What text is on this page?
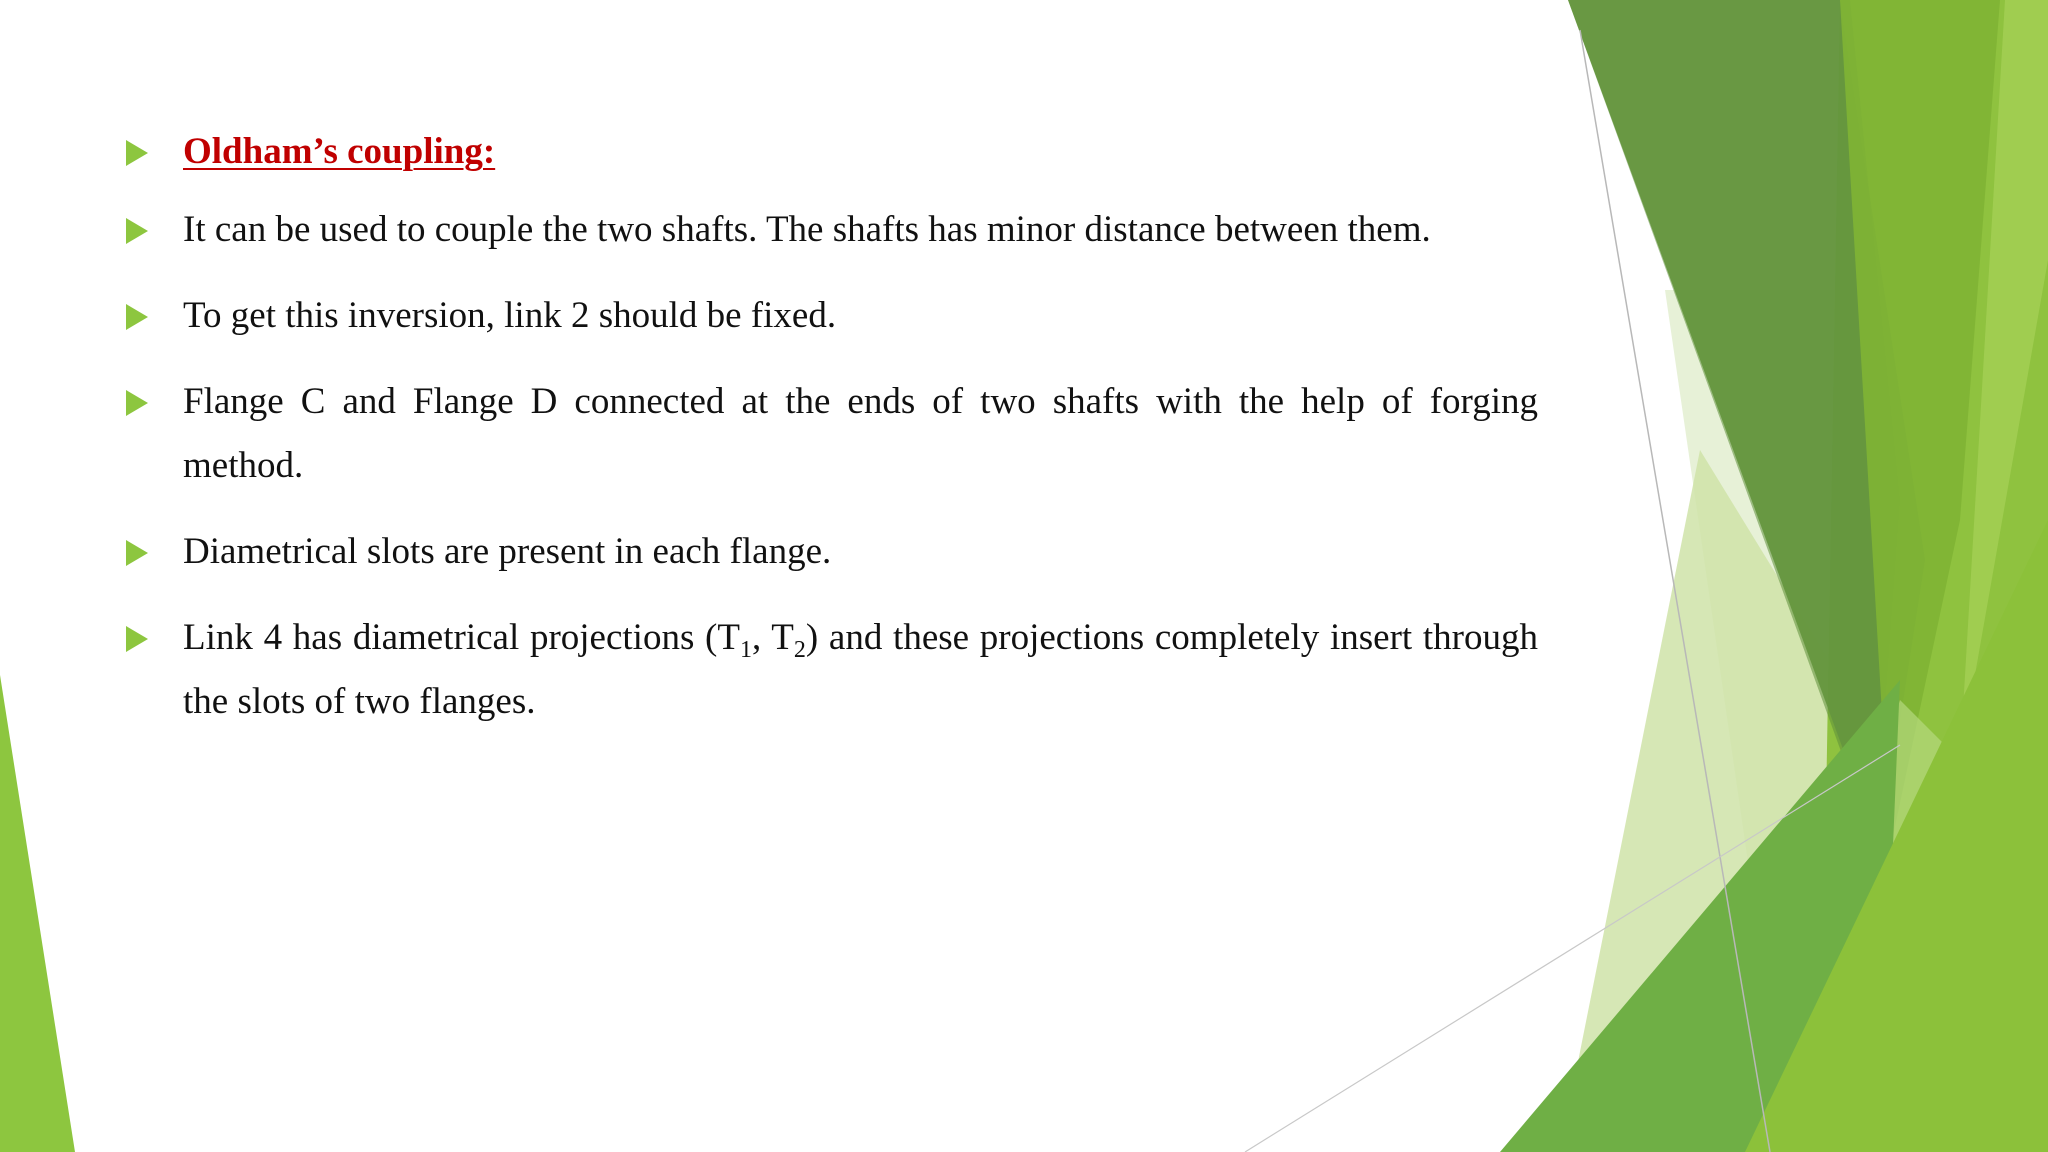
Oldham’s coupling:
It can be used to couple the two shafts. The shafts has minor distance between them.
To get this inversion, link 2 should be fixed.
Flange C and Flange D connected at the ends of two shafts with the help of forging method.
Diametrical slots are present in each flange.
Link 4 has diametrical projections ($T_1$, $T_2$) and these projections completely insert through the slots of two flanges.
